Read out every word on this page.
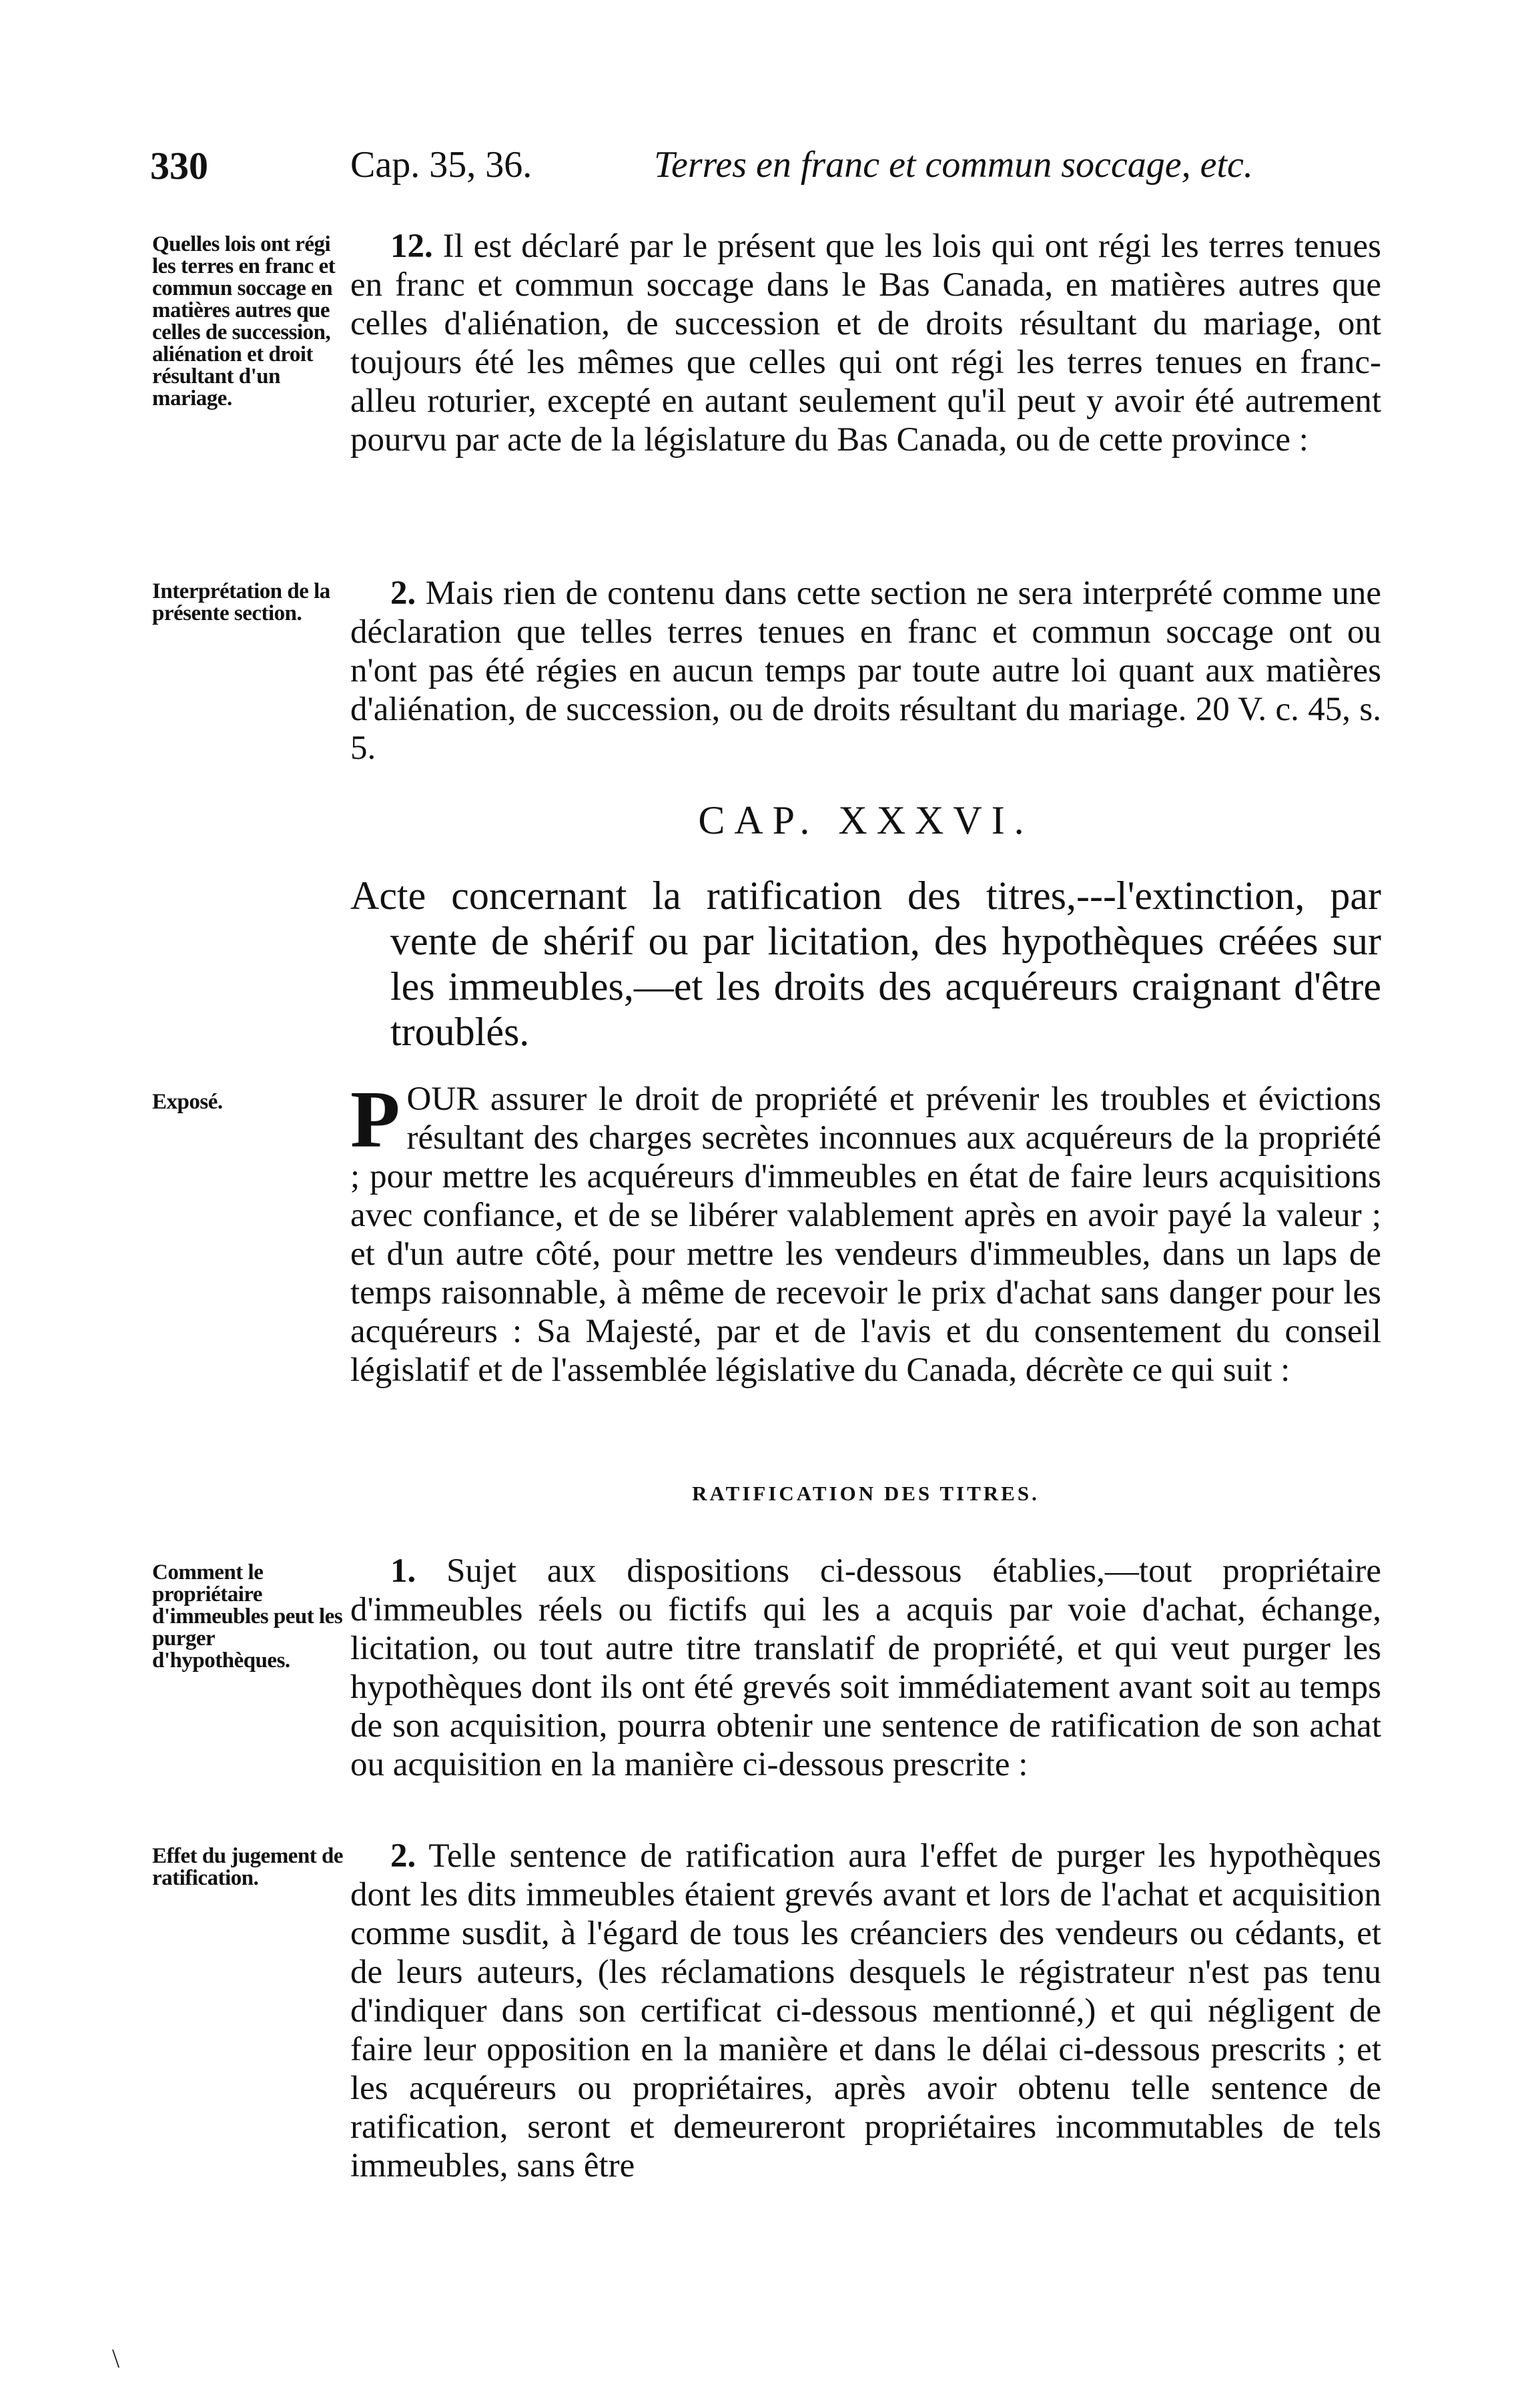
330	Cap. 35, 36.	Terres en franc et commun soccage, etc.
Quelles lois ont régi les terres en franc et commun soccage en matières autres que celles de succession, aliénation et droit résultant d'un mariage.
12. Il est déclaré par le présent que les lois qui ont régi les terres tenues en franc et commun soccage dans le Bas Canada, en matières autres que celles d'aliénation, de succession et de droits résultant du mariage, ont toujours été les mêmes que celles qui ont régi les terres tenues en franc-alleu roturier, excepté en autant seulement qu'il peut y avoir été autrement pourvu par acte de la législature du Bas Canada, ou de cette province :
Interprétation de la présente section.
2. Mais rien de contenu dans cette section ne sera interprété comme une déclaration que telles terres tenues en franc et commun soccage ont ou n'ont pas été régies en aucun temps par toute autre loi quant aux matières d'aliénation, de succession, ou de droits résultant du mariage. 20 V. c. 45, s. 5.
CAP. XXXVI.
Acte concernant la ratification des titres,---l'extinction, par vente de shérif ou par licitation, des hypothèques créées sur les immeubles,—et les droits des acquéreurs craignant d'être troublés.
Exposé.	POUR assurer le droit de propriété et prévenir les troubles et évictions résultant des charges secrètes inconnues aux acquéreurs de la propriété ; pour mettre les acquéreurs d'immeubles en état de faire leurs acquisitions avec confiance, et de se libérer valablement après en avoir payé la valeur ; et d'un autre côté, pour mettre les vendeurs d'immeubles, dans un laps de temps raisonnable, à même de recevoir le prix d'achat sans danger pour les acquéreurs : Sa Majesté, par et de l'avis et du consentement du conseil législatif et de l'assemblée législative du Canada, décrète ce qui suit :
RATIFICATION DES TITRES.
Comment le propriétaire d'immeubles peut les purger d'hypothèques.
1. Sujet aux dispositions ci-dessous établies,—tout propriétaire d'immeubles réels ou fictifs qui les a acquis par voie d'achat, échange, licitation, ou tout autre titre translatif de propriété, et qui veut purger les hypothèques dont ils ont été grevés soit immédiatement avant soit au temps de son acquisition, pourra obtenir une sentence de ratification de son achat ou acquisition en la manière ci-dessous prescrite :
Effet du jugement de ratification.
2. Telle sentence de ratification aura l'effet de purger les hypothèques dont les dits immeubles étaient grevés avant et lors de l'achat et acquisition comme susdit, à l'égard de tous les créanciers des vendeurs ou cédants, et de leurs auteurs, (les réclamations desquels le régistrateur n'est pas tenu d'indiquer dans son certificat ci-dessous mentionné,) et qui négligent de faire leur opposition en la manière et dans le délai ci-dessous prescrits ; et les acquéreurs ou propriétaires, après avoir obtenu telle sentence de ratification, seront et demeureront propriétaires incommutables de tels immeubles, sans être
\
